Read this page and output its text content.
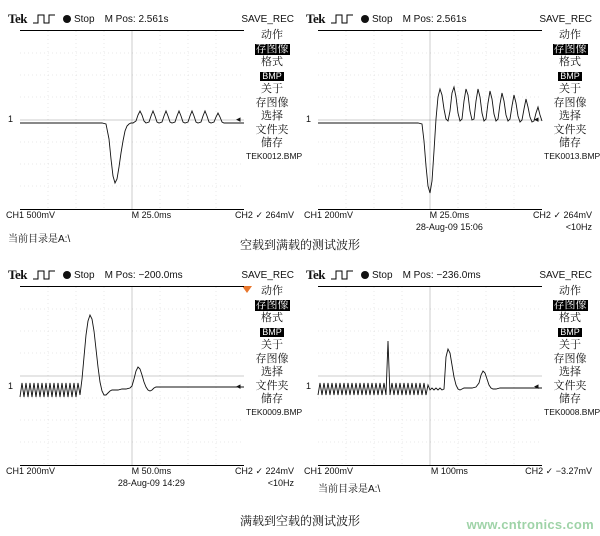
Tek	Stop M Pos: 2.561s	SAVE_REC
1	◂
CH1 500mV	M 25.0ms	CH2 ✓ 264mV
动作
存图像
格式
BMP
关于
存图像
选择
文件夹
储存
TEK0012.BMP
当前目录是A:\
Tek	Stop M Pos: 2.561s	SAVE_REC
1	◂
CH1 200mV	M 25.0ms	CH2 ✓ 264mV
28-Aug-09 15:06	<10Hz
动作
存图像
格式
BMP
关于
存图像
选择
文件夹
储存
TEK0013.BMP
空载到满载的测试波形
Tek	Stop M Pos: −200.0ms	SAVE_REC
1	◂
CH1 200mV	M 50.0ms	CH2 ✓ 224mV
28-Aug-09 14:29	<10Hz
动作
存图像
格式
BMP
关于
存图像
选择
文件夹
储存
TEK0009.BMP
Tek	Stop M Pos: −236.0ms	SAVE_REC
1	◂
CH1 200mV	M 100ms	CH2 ✓ −3.27mV
动作
存图像
格式
BMP
关于
存图像
选择
文件夹
储存
TEK0008.BMP
当前目录是A:\
满载到空载的测试波形	www.cntronics.com
